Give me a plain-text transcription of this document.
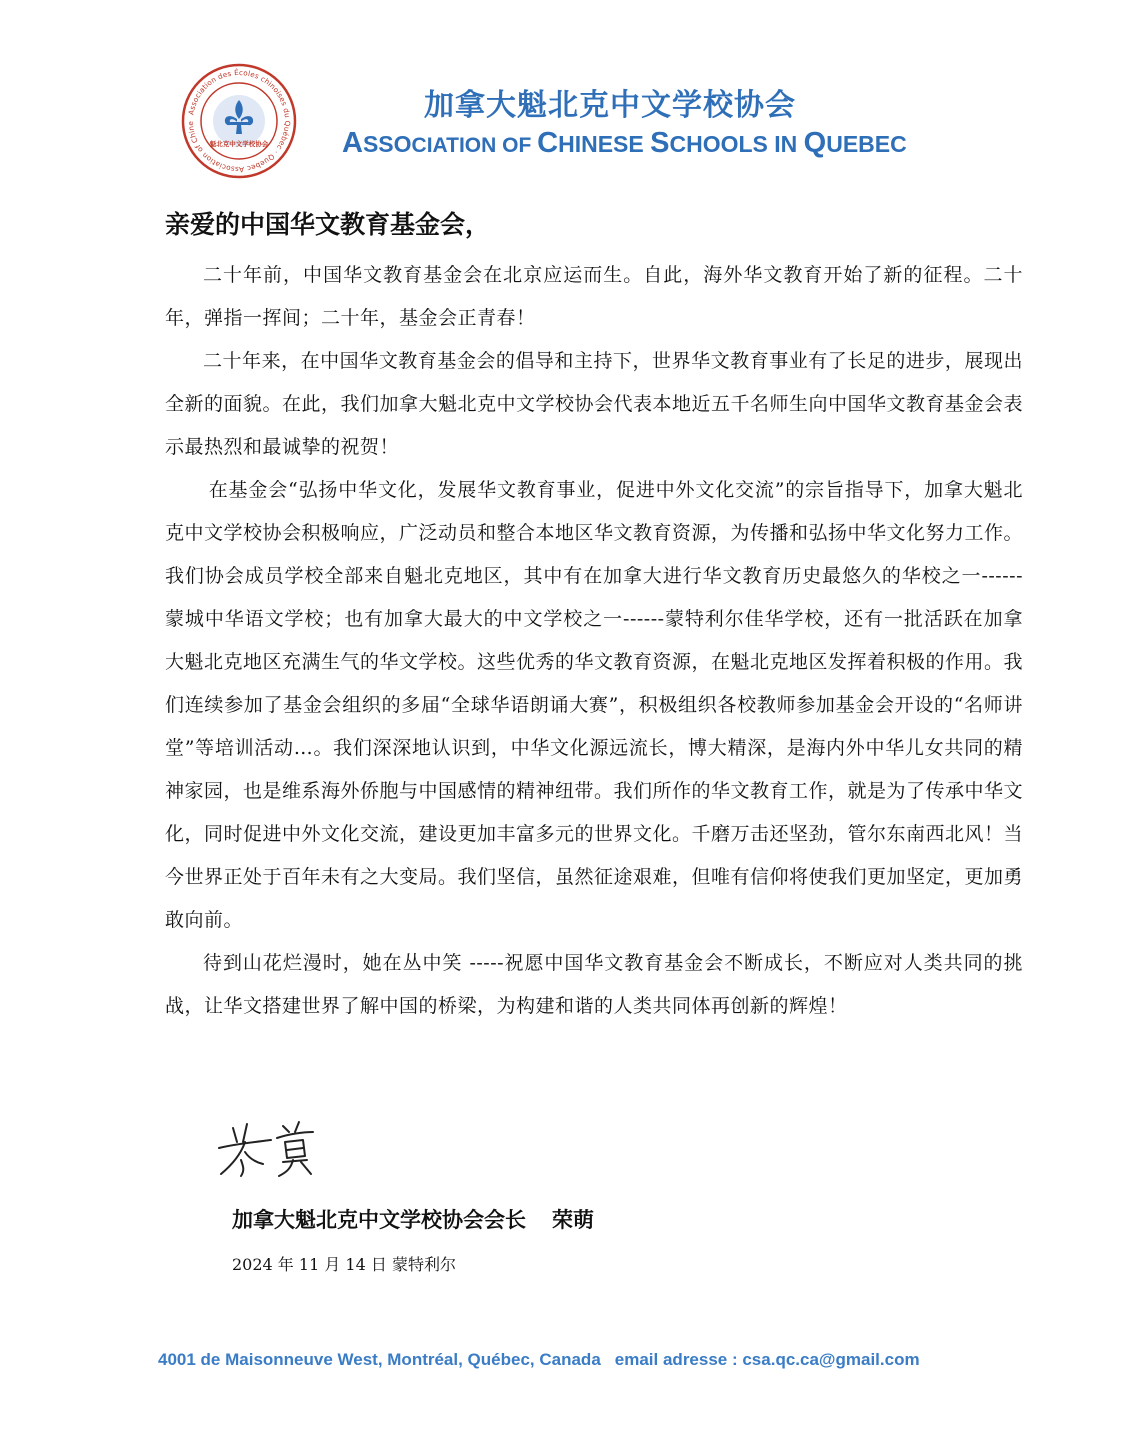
Association des Écoles chinoises du Québec · Quebec Association of Chine
魁北克中文学校协会
加拿大魁北克中文学校协会
ASSOCIATION OF CHINESE SCHOOLS IN QUEBEC
亲爱的中国华文教育基金会，

二十年前，中国华文教育基金会在北京应运而生。自此，海外华文教育开始了新的征程。二十年，弹指一挥间；二十年，基金会正青春！

二十年来，在中国华文教育基金会的倡导和主持下，世界华文教育事业有了长足的进步，展现出全新的面貌。在此，我们加拿大魁北克中文学校协会代表本地近五千名师生向中国华文教育基金会表示最热烈和最诚挚的祝贺！

在基金会“弘扬中华文化，发展华文教育事业，促进中外文化交流”的宗旨指导下，加拿大魁北克中文学校协会积极响应，广泛动员和整合本地区华文教育资源，为传播和弘扬中华文化努力工作。我们协会成员学校全部来自魁北克地区，其中有在加拿大进行华文教育历史最悠久的华校之一------ 蒙城中华语文学校；也有加拿大最大的中文学校之一------蒙特利尔佳华学校，还有一批活跃在加拿大魁北克地区充满生气的华文学校。这些优秀的华文教育资源，在魁北克地区发挥着积极的作用。我们连续参加了基金会组织的多届“全球华语朗诵大赛”，积极组织各校教师参加基金会开设的“名师讲堂”等培训活动…。我们深深地认识到，中华文化源远流长，博大精深，是海内外中华儿女共同的精神家园，也是维系海外侨胞与中国感情的精神纽带。我们所作的华文教育工作，就是为了传承中华文化，同时促进中外文化交流，建设更加丰富多元的世界文化。千磨万击还坚劲，管尔东南西北风！当今世界正处于百年未有之大变局。我们坚信，虽然征途艰难，但唯有信仰将使我们更加坚定，更加勇敢向前。

待到山花烂漫时，她在丛中笑 -----祝愿中国华文教育基金会不断成长，不断应对人类共同的挑战，让华文搭建世界了解中国的桥梁，为构建和谐的人类共同体再创新的辉煌！

加拿大魁北克中文学校协会会长 荣萌
2024 年 11 月 14 日 蒙特利尔
4001 de Maisonneuve West, Montréal, Québec, Canada email adresse : csa.qc.ca@gmail.com
